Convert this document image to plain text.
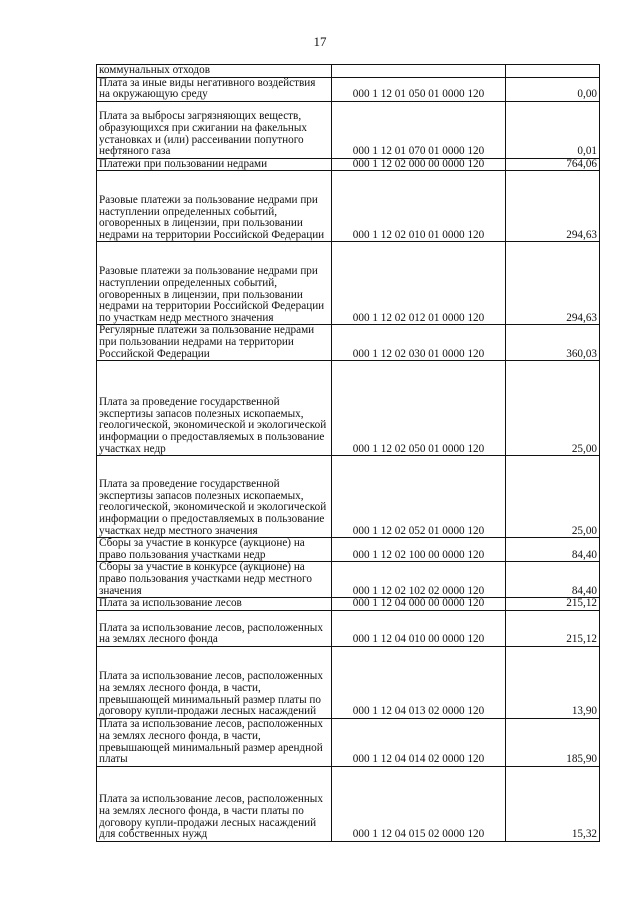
17
коммунальных отходов		

Плата за иные виды негативного воздействия на окружающую среду	000 1 12 01 050 01 0000 120	0,00

Плата за выбросы загрязняющих веществ, образующихся при сжигании на факельных установках и (или) рассеивании попутного нефтяного газа	000 1 12 01 070 01 0000 120	0,01

Платежи при пользовании недрами	000 1 12 02 000 00 0000 120	764,06

Разовые платежи за пользование недрами при наступлении определенных событий, оговоренных в лицензии, при пользовании недрами на территории Российской Федерации	000 1 12 02 010 01 0000 120	294,63

Разовые платежи за пользование недрами при наступлении определенных событий, оговоренных в лицензии, при пользовании недрами на территории Российской Федерации по участкам недр местного значения	000 1 12 02 012 01 0000 120	294,63

Регулярные платежи за пользование недрами при пользовании недрами на территории Российской Федерации	000 1 12 02 030 01 0000 120	360,03

Плата за проведение государственной экспертизы запасов полезных ископаемых, геологической, экономической и экологической информации о предоставляемых в пользование участках недр	000 1 12 02 050 01 0000 120	25,00

Плата за проведение государственной экспертизы запасов полезных ископаемых, геологической, экономической и экологической информации о предоставляемых в пользование участках недр местного значения	000 1 12 02 052 01 0000 120	25,00

Сборы за участие в конкурсе (аукционе) на право пользования участками недр	000 1 12 02 100 00 0000 120	84,40

Сборы за участие в конкурсе (аукционе) на право пользования участками недр местного значения	000 1 12 02 102 02 0000 120	84,40

Плата за использование лесов	000 1 12 04 000 00 0000 120	215,12

Плата за использование лесов, расположенных на землях лесного фонда	000 1 12 04 010 00 0000 120	215,12

Плата за использование лесов, расположенных на землях лесного фонда, в части, превышающей минимальный размер платы по договору купли-продажи лесных насаждений	000 1 12 04 013 02 0000 120	13,90

Плата за использование лесов, расположенных на землях лесного фонда, в части, превышающей минимальный размер арендной платы	000 1 12 04 014 02 0000 120	185,90

Плата за использование лесов, расположенных на землях лесного фонда, в части платы по договору купли-продажи лесных насаждений для собственных нужд	000 1 12 04 015 02 0000 120	15,32
